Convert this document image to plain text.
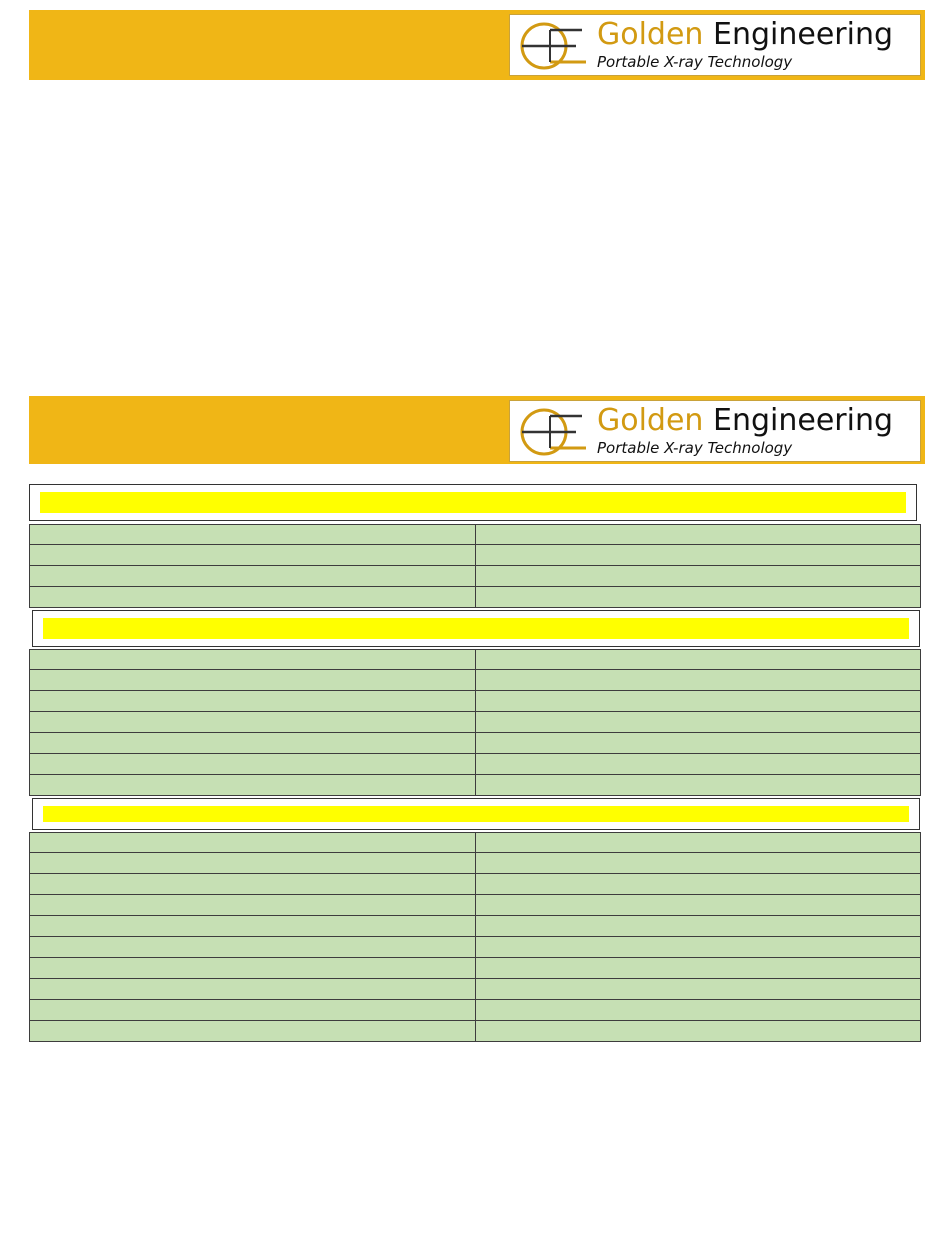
Golden Engineering
Portable X-ray Technology
Golden Engineering
Portable X-ray Technology
